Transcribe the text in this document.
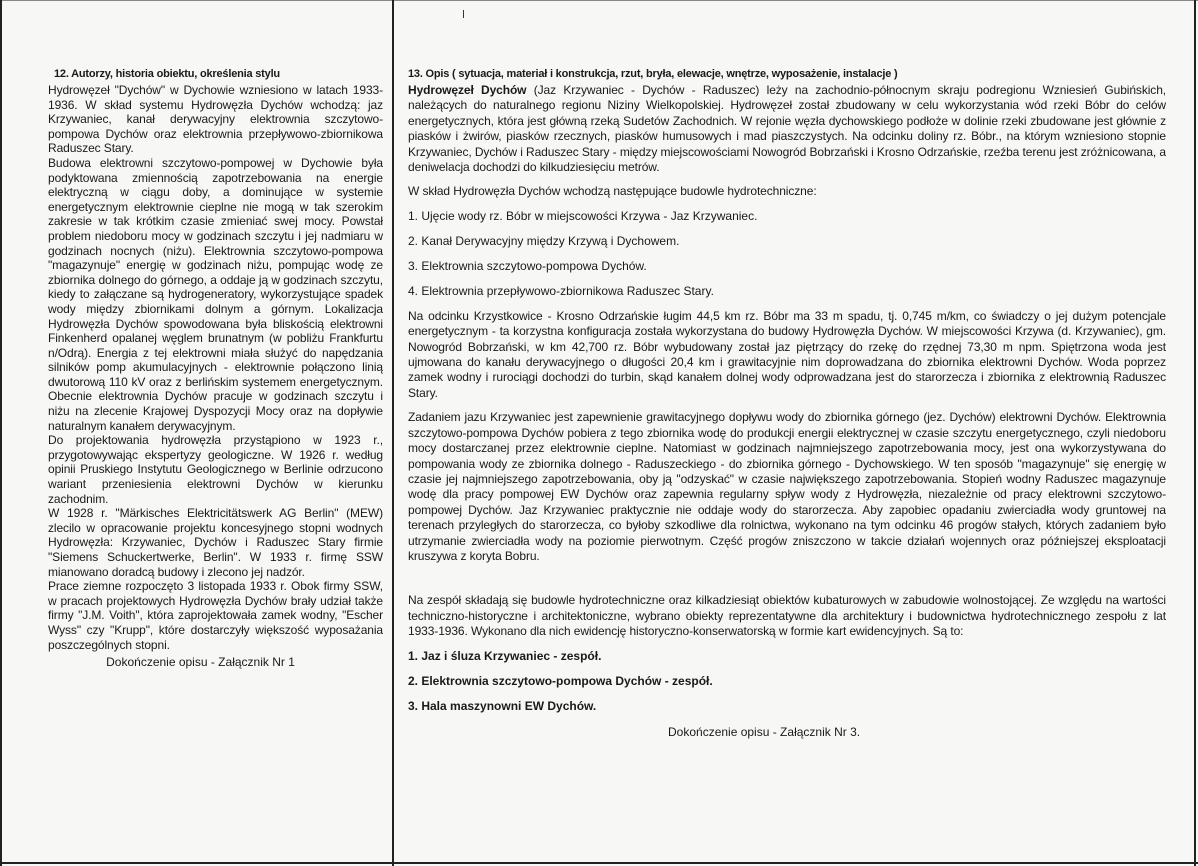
12. Autorzy, historia obiektu, określenia stylu

Hydrowęzeł "Dychów" w Dychowie wzniesiono w latach 1933-1936. W skład systemu Hydrowęzła Dychów wchodzą: jaz Krzywaniec, kanał derywacyjny elektrownia szczytowo-pompowa Dychów oraz elektrownia przepływowo-zbiornikowa Raduszec Stary.

Budowa elektrowni szczytowo-pompowej w Dychowie była podyktowana zmiennością zapotrzebowania na energie elektryczną w ciągu doby, a dominujące w systemie energetycznym elektrownie cieplne nie mogą w tak szerokim zakresie w tak krótkim czasie zmieniać swej mocy. Powstał problem niedoboru mocy w godzinach szczytu i jej nadmiaru w godzinach nocnych (niżu). Elektrownia szczytowo-pompowa "magazynuje" energię w godzinach niżu, pompując wodę ze zbiornika dolnego do górnego, a oddaje ją w godzinach szczytu, kiedy to załączane są hydrogeneratory, wykorzystujące spadek wody między zbiornikami dolnym a górnym. Lokalizacja Hydrowęzła Dychów spowodowana była bliskością elektrowni Finkenherd opalanej węglem brunatnym (w pobliżu Frankfurtu n/Odrą). Energia z tej elektrowni miała służyć do napędzania silników pomp akumulacyjnych - elektrownie połączono linią dwutorową 110 kV oraz z berlińskim systemem energetycznym. Obecnie elektrownia Dychów pracuje w godzinach szczytu i niżu na zlecenie Krajowej Dyspozycji Mocy oraz na dopływie naturalnym kanałem derywacyjnym.

Do projektowania hydrowęzła przystąpiono w 1923 r., przygotowywając ekspertyzy geologiczne. W 1926 r. według opinii Pruskiego Instytutu Geologicznego w Berlinie odrzucono wariant przeniesienia elektrowni Dychów w kierunku zachodnim.

W 1928 r. "Märkisches Elektricitätswerk AG Berlin" (MEW) zlecilo w opracowanie projektu koncesyjnego stopni wodnych Hydrowęzła: Krzywaniec, Dychów i Raduszec Stary firmie "Siemens Schuckertwerke, Berlin". W 1933 r. firmę SSW mianowano doradcą budowy i zlecono jej nadzór.

Prace ziemne rozpoczęto 3 listopada 1933 r. Obok firmy SSW, w pracach projektowych Hydrowęzła Dychów brały udział także firmy "J.M. Voith", która zaprojektowała zamek wodny, "Escher Wyss" czy "Krupp", które dostarczyły większość wyposażania poszczególnych stopni.

Dokończenie opisu - Załącznik Nr 1

13. Opis ( sytuacja, materiał i konstrukcja, rzut, bryła, elewacje, wnętrze, wyposażenie, instalacje )

Hydrowęzeł Dychów (Jaz Krzywaniec - Dychów - Raduszec) leży na zachodnio-północnym skraju podregionu Wzniesień Gubińskich, należących do naturalnego regionu Niziny Wielkopolskiej. Hydrowęzeł został zbudowany w celu wykorzystania wód rzeki Bóbr do celów energetycznych, która jest główną rzeką Sudetów Zachodnich. W rejonie węzła dychowskiego podłoże w dolinie rzeki zbudowane jest głównie z piasków i żwirów, piasków rzecznych, piasków humusowych i mad piaszczystych. Na odcinku doliny rz. Bóbr., na którym wzniesiono stopnie Krzywaniec, Dychów i Raduszec Stary - między miejscowościami Nowogród Bobrzański i Krosno Odrzańskie, rzeźba terenu jest zróżnicowana, a deniwelacja dochodzi do kilkudziesięciu metrów.

W skład Hydrowęzła Dychów wchodzą następujące budowle hydrotechniczne:

1. Ujęcie wody rz. Bóbr w miejscowości Krzywa - Jaz Krzywaniec.
2. Kanał Derywacyjny między Krzywą i Dychowem.
3. Elektrownia szczytowo-pompowa Dychów.
4. Elektrownia przepływowo-zbiornikowa Raduszec Stary.

Na odcinku Krzystkowice - Krosno Odrzańskie ługim 44,5 km rz. Bóbr ma 33 m spadu, tj. 0,745 m/km, co świadczy o jej dużym potencjale energetycznym - ta korzystna konfiguracja została wykorzystana do budowy Hydrowęzła Dychów. W miejscowości Krzywa (d. Krzywaniec), gm. Nowogród Bobrzański, w km 42,700 rz. Bóbr wybudowany został jaz piętrzący do rzekę do rzędnej 73,30 m npm. Spiętrzona woda jest ujmowana do kanału derywacyjnego o długości 20,4 km i grawitacyjnie nim doprowadzana do zbiornika elektrowni Dychów. Woda poprzez zamek wodny i rurociągi dochodzi do turbin, skąd kanałem dolnej wody odprowadzana jest do starorzecza i zbiornika z elektrownią Raduszec Stary.

Zadaniem jazu Krzywaniec jest zapewnienie grawitacyjnego dopływu wody do zbiornika górnego (jez. Dychów) elektrowni Dychów. Elektrownia szczytowo-pompowa Dychów pobiera z tego zbiornika wodę do produkcji energii elektrycznej w czasie szczytu energetycznego, czyli niedoboru mocy dostarczanej przez elektrownie cieplne. Natomiast w godzinach najmniejszego zapotrzebowania mocy, jest ona wykorzystywana do pompowania wody ze zbiornika dolnego - Raduszeckiego - do zbiornika górnego - Dychowskiego. W ten sposób "magazynuje" się energię w czasie jej najmniejszego zapotrzebowania, oby ją "odzyskać" w czasie największego zapotrzebowania. Stopień wodny Raduszec magazynuje wodę dla pracy pompowej EW Dychów oraz zapewnia regularny spływ wody z Hydrowęzła, niezależnie od pracy elektrowni szczytowo-pompowej Dychów. Jaz Krzywaniec praktycznie nie oddaje wody do starorzecza. Aby zapobiec opadaniu zwierciadła wody gruntowej na terenach przyległych do starorzecza, co byłoby szkodliwe dla rolnictwa, wykonano na tym odcinku 46 progów stałych, których zadaniem było utrzymanie zwierciadła wody na poziomie pierwotnym. Część progów zniszczono w takcie działań wojennych oraz późniejszej eksploatacji kruszywa z koryta Bobru.

Na zespół składają się budowle hydrotechniczne oraz kilkadziesiąt obiektów kubaturowych w zabudowie wolnostojącej. Ze względu na wartości techniczno-historyczne i architektoniczne, wybrano obiekty reprezentatywne dla architektury i budownictwa hydrotechnicznego zespołu z lat 1933-1936. Wykonano dla nich ewidencję historyczno-konserwatorską w formie kart ewidencyjnych. Są to:

1. Jaz i śluza Krzywaniec - zespół.
2. Elektrownia szczytowo-pompowa Dychów - zespół.
3. Hala maszynowni EW Dychów.

Dokończenie opisu - Załącznik Nr 3.
